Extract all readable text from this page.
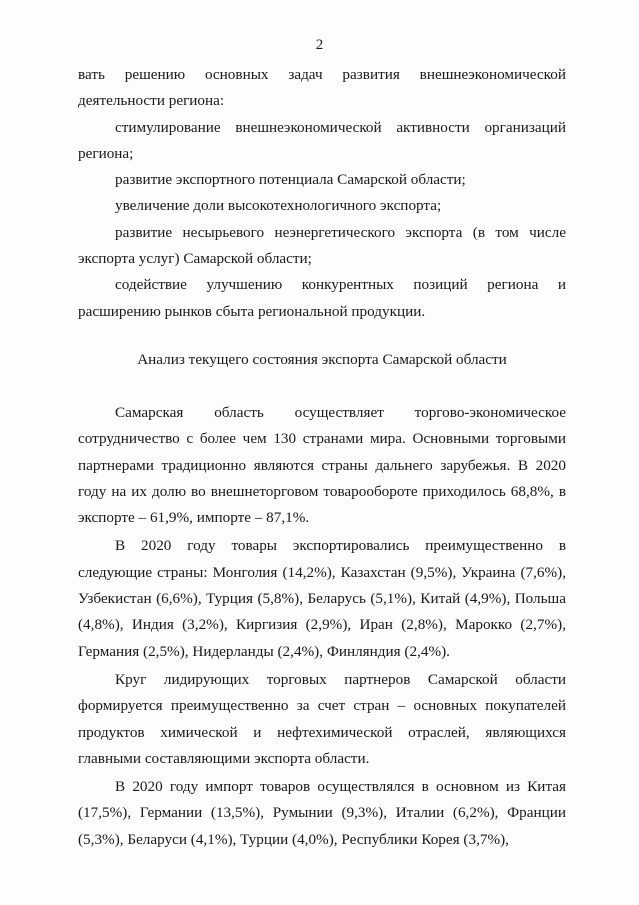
2

вать решению основных задач развития внешнеэкономической деятельности региона:

стимулирование внешнеэкономической активности организаций региона;

развитие экспортного потенциала Самарской области;

увеличение доли высокотехнологичного экспорта;

развитие несырьевого неэнергетического экспорта (в том числе экспорта услуг) Самарской области;

содействие улучшению конкурентных позиций региона и расширению рынков сбыта региональной продукции.

Анализ текущего состояния экспорта Самарской области

Самарская область осуществляет торгово-экономическое сотрудничество с более чем 130 странами мира. Основными торговыми партнерами традиционно являются страны дальнего зарубежья. В 2020 году на их долю во внешнеторговом товарообороте приходилось 68,8%, в экспорте – 61,9%, импорте – 87,1%.

В 2020 году товары экспортировались преимущественно в следующие страны: Монголия (14,2%), Казахстан (9,5%), Украина (7,6%), Узбекистан (6,6%), Турция (5,8%), Беларусь (5,1%), Китай (4,9%), Польша (4,8%), Индия (3,2%), Киргизия (2,9%), Иран (2,8%), Марокко (2,7%), Германия (2,5%), Нидерланды (2,4%), Финляндия (2,4%).

Круг лидирующих торговых партнеров Самарской области формируется преимущественно за счет стран – основных покупателей продуктов химической и нефтехимической отраслей, являющихся главными составляющими экспорта области.

В 2020 году импорт товаров осуществлялся в основном из Китая (17,5%), Германии (13,5%), Румынии (9,3%), Италии (6,2%), Франции (5,3%), Беларуси (4,1%), Турции (4,0%), Республики Корея (3,7%),
